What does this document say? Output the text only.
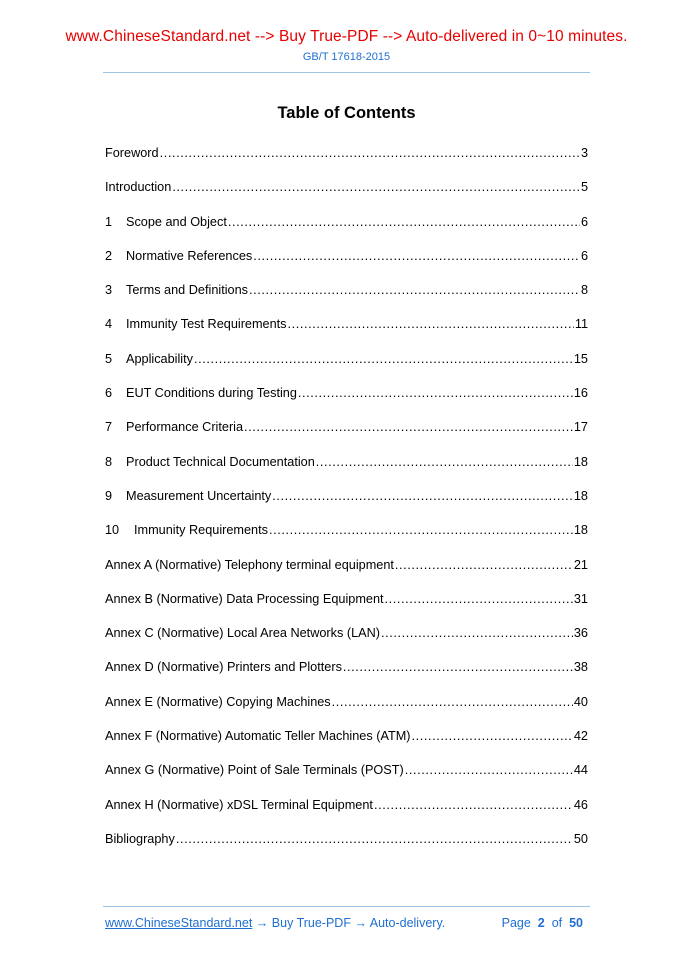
www.ChineseStandard.net --> Buy True-PDF --> Auto-delivered in 0~10 minutes.
GB/T 17618-2015
Table of Contents
Foreword .....	3
Introduction .....	5
1	Scope and Object .....	6
2	Normative References .....	6
3	Terms and Definitions .....	8
4	Immunity Test Requirements .....	11
5	Applicability .....	15
6	EUT Conditions during Testing .....	16
7	Performance Criteria .....	17
8	Product Technical Documentation .....	18
9	Measurement Uncertainty .....	18
10	Immunity Requirements .....	18
Annex A (Normative) Telephony terminal equipment .....	21
Annex B (Normative) Data Processing Equipment .....	31
Annex C (Normative) Local Area Networks (LAN) .....	36
Annex D (Normative) Printers and Plotters .....	38
Annex E (Normative) Copying Machines .....	40
Annex F (Normative) Automatic Teller Machines (ATM) .....	42
Annex G (Normative) Point of Sale Terminals (POST) .....	44
Annex H (Normative) xDSL Terminal Equipment .....	46
Bibliography .....	50
www.ChineseStandard.net → Buy True-PDF → Auto-delivery.	Page 2 of 50
